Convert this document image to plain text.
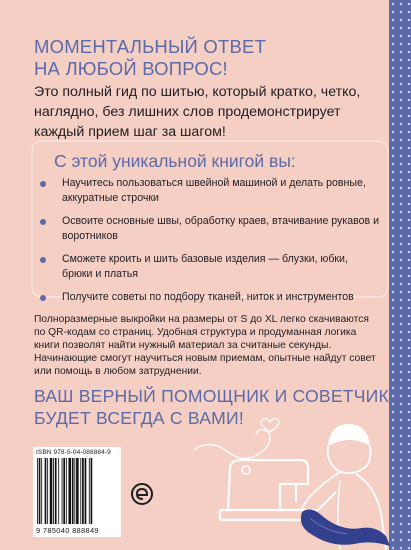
МОМЕНТАЛЬНЫЙ ОТВЕТ
НА ЛЮБОЙ ВОПРОС!
Это полный гид по шитью, который кратко, четко, наглядно, без лишних слов продемонстрирует каждый прием шаг за шагом!
С этой уникальной книгой вы:
Научитесь пользоваться швейной машиной и делать ровные, аккуратные строчки
Освоите основные швы, обработку краев, втачивание рукавов и воротников
Сможете кроить и шить базовые изделия — блузки, юбки, брюки и платья
Получите советы по подбору тканей, ниток и инструментов
Полноразмерные выкройки на размеры от S до XL легко скачиваются по QR-кодам со страниц. Удобная структура и продуманная логика книги позволят найти нужный материал за считаные секунды. Начинающие смогут научиться новым приемам, опытные найдут совет или помощь в любом затруднении.
ВАШ ВЕРНЫЙ ПОМОЩНИК И СОВЕТЧИК
БУДЕТ ВСЕГДА С ВАМИ!
ISBN 978-5-04-088884-9
9 785040 888849
